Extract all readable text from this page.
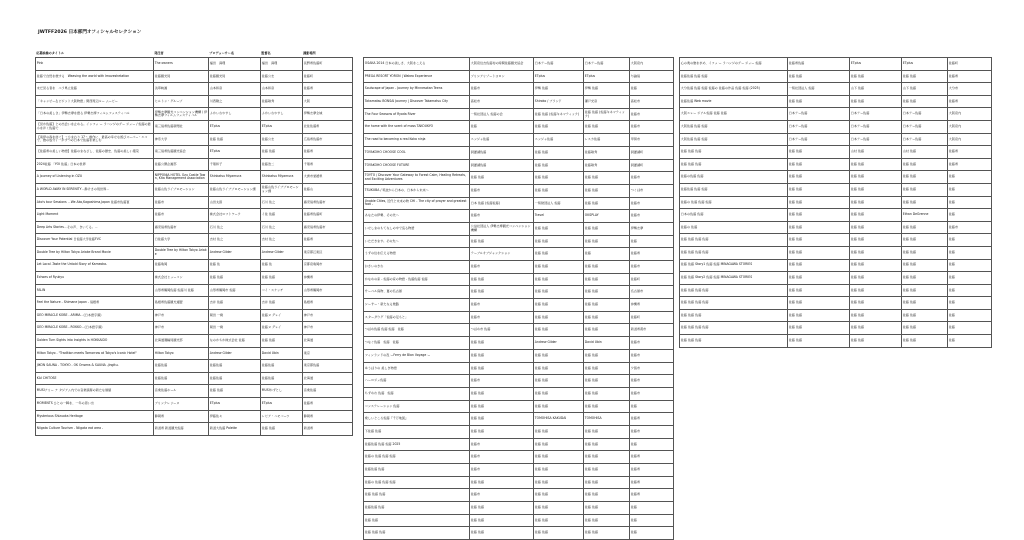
JWTFF2026 日本部門オフィシャルセレクション
応募映像のタイトル	発注者	プロデューサー名	監督名	撮影場所
Pink	The owners	福田　真理	福田　真理	長野県佐藤町
佐藤で自然を旅する　Weaving the world with Imoveshetation	佐藤観光局	佐藤観光局	佐藤公志	佐藤町
未だ見る者を　ベラ県立佐藤	浅草映画	山本和彦	山本和彦	佐藤県
「キャンピー＆ビジット大阪物語」関西周辺ルー ムービー	ヒルトン・グループ	川西隆之	佐藤敏秀	大阪
「日本の美しさ」伊勢志摩を語る 伊勢志摩フィルムフェスティバル	伊勢志摩観光コンベンション機構 / 伊勢志摩フィルムフェスティバル	ふかいわやすし	ふかいわやすし	伊勢志摩全域
【見か佐藤】との出会いを止める。インフェ ー ラバンジのゲー ジェー / 佐藤の最小を歩く佐藤で	南三島県佐藤新聞社	ETplus	ETplus	北佐佐藤県
【南伊の森を訪ぐ】～ひまわり 17～ 創作に、最高の幸せな遊びスーパー・エコで、旅の成分 / 一歩ずつの日本で佐藤を楽しむ	神奈大学	佐藤 佐藤	佐藤公志	広島県佐藤市
【佐藤県の美しい物語】佐藤のまなざし、佐藤の歴史、佐藤の美しい風景	南三島県佐藤観光協会	ETplus	佐藤 佐藤	佐藤県
2024佐藤 「YOI 佐藤」日本の世界	佐藤公開企画部	千葉和子	佐藤浩二	千葉県
A Journey of Listening in OZU	NIPPONIA HOTEL Ozu Castle Town, Kita Management Association	Shinkatsu Miyamura	Shinkatsu Miyamura	大洲市愛媛県
A WORLD AWAY IN SERENITY－静けさの別世界－	佐藤山佐ライプロモーション	佐藤山佐ライブプロモーション課	佐藤山佐ライブプロモーション課	佐藤山
Ako's tour Sessions －We Ako,Kagoshima,Japan 佐藤市佐藤賞	佐藤市	山田太郎	石川 佐之	鹿児島県佐藤市
Light Moment	佐藤市	株式会社ロフトワーク	イ佐 佐藤	佐藤県佐藤町
Deep Arts Stories－その声、きいてる。－	鹿児島県佐藤市	石川 佐之	石川 佐之	鹿児島県佐藤市
Discover Your Potential 日佐藤大学佐藤FVC	日佐藤大学	吉村 佐之	吉村 佐之	佐藤県
Double Tree by Hilton Tokyo Ariake Brand Movie	Double Tree by Hilton Tokyo Ariake	Andrew Gilder	Andrew Gilder	東京都江東区
Let Local -Taste the Untold Story of Kameoka-	佐藤亀岡	佐藤 佐	佐藤 佐	京都府亀岡市
Echoes of Ryukyu	株式会社ヒューコン	佐藤 佐藤	佐藤 佐藤	沖縄県
FALIN	山形県鶴岡佐藤 佐藤川 佐藤	山形県鶴岡市 佐藤	コイ・スケッチ	山形県鶴岡市
Feel the Nature - Shimane Japan - 島根県	島根県佐藤観光連盟	吉井 佐藤	吉井 佐藤	島根県
GEO MIRACLE KOBE - ARIMA - (日本語字幕)	神戸市	岡田 一樹	佐藤ヌ グレイ	神戸市
GEO MIRACLE KOBE－ROKKO－(日本語字幕)	神戸市	岡田 一樹	佐藤ヌ グレイ	神戸市
Golden Turn Sights into Insights in HOKKAIDO	北海道運輸局観光部	なのかちか株式会社 佐藤	佐藤 佐藤	北海道
Hilton Tokyo - "Tradition meets Tomorrow at Tokyo's Iconic Hotel"	Hilton Tokyo	Andrew Gilder	David Ubin	東京
JIKON SAUNA - TOKYO - OK Onsens & SAUNA -jingitu-	佐藤佐藤	佐藤佐藤	佐藤佐藤	東京都佐藤
KAI CHITOSE	佐藤佐藤	佐藤佐藤	佐藤佐藤	北海道
MUSIアリー ナ タジアム内での音楽演奏の新たな価値	音楽佐藤ホール	佐藤 佐藤	MUSIかずとし	音楽佐藤
MOMENTS ひとの一瞬を、一年の思い出	ブリンクレリーヌ	ETplus	ETplus	佐藤県
Mysterious Shizuoka Heritage	静岡県	伊藤佐々	レビア・ハモバーツ	静岡県
Niigata Culture Tourism - Niigata eat area -	新潟県 新潟観光佐藤	新潟大佐藤 Palette	佐藤 佐藤	新潟県
OSAKA 2014 日本の美しさ、大阪をこえる	大阪府住吉佐藤村の時間佐藤観光協会	日本テー佐藤	日本テー佐藤	大阪府内
PREGA RESORT YORON | Wakeo Experience	プリシアリゾートヨロン	ETplus	ETplus	与論島
Soulscape of Japan - Journey by Minnesotan Teens	佐藤市	伊勢 佐藤	伊勢 佐藤	佐藤
Takamatsu BONSAI Journey | Discover Takamatsu City	高松市	Shiroko / ブランド	瀬戸光彦	高松市
The Four Seasons of Ryoda River	一般社団法人 佐藤の会	佐藤 佐藤 (佐藤キネマティック)	佐藤 佐藤 (佐藤キネマティック)	佐藤市
the home with the scent of moss TAKOUKYO	佐藤	佐藤 佐藤	佐藤 佐藤	佐藤市
The road to becoming a real Koka ninja	ニンジャ佐藤	ニンジャ佐藤	レスカ佐藤	甲賀市
TOYAKOHO CHOOSE COOL	洞爺湖佐藤	佐藤 佐藤	佐藤敏秀	洞爺湖町
TOYAKOHO CHOOSE FUTURE	洞爺湖佐藤	佐藤 佐藤	佐藤敏秀	洞爺湖町
TOYTO / Discover Your Gateway to Forest Calm, Healing Retreats, and Exciting Adventures	佐藤 佐藤	佐藤 佐藤	佐藤 佐藤	佐藤市
TSUKUBA / 筑波から日本の、日本から未来へ	佐藤市	佐藤 佐藤	佐藤 佐藤	つくば市
Unable Cities, 近代と未来の物 CHI - The city of prayer and greatest foot -	日本 佐藤 (佐藤佐藤)	一般財団法人 佐藤	佐藤 佐藤	佐藤市
あなたの伊勢、その先へ	佐藤市	Travel	OKSPLAY	佐藤市
いせしまのもてなしの中で巡る物語	公益社団法人 伊勢志摩観光コンベンション機構	佐藤 佐藤	佐藤 佐藤	伊勢志摩
いただきます。その先へ	佐藤 佐藤	佐藤 佐藤	佐藤 佐藤	佐藤
うずの住を伝える物語	テーブルオブジャンクション	佐藤 佐藤	佐藤	佐藤県
おさいのきわ	佐藤市	佐藤 佐藤	佐藤 佐藤	佐藤市
かなめの家 - 佐藤の家の物語 - 佐藤佐藤 佐藤	佐藤 佐藤	佐藤 佐藤	佐藤 佐藤	佐藤町
サーベル庭物、夏の名古屋	佐藤 佐藤	佐藤 佐藤	佐藤 佐藤	名古屋市
シーサー・新たなる旅路	佐藤市	佐藤 佐藤	佐藤 佐藤	沖縄県
スターダウグ「佐藤の足もと」	佐藤市	佐藤 佐藤	佐藤 佐藤	佐藤町
つばめ佐藤 佐藤 佐藤　佐藤	つばめ市 佐藤	佐藤 佐藤	佐藤 佐藤	新潟県燕市
つなぐ佐藤　佐藤　佐藤	佐藤 佐藤	Andrew Gilder	David Ubin	佐藤市
フィンランドの夜 ーFerry de Blan Voyage ー	佐藤 佐藤	佐藤 佐藤	佐藤 佐藤	佐藤市
ゆうばりの 美しき物語	佐藤 佐藤	佐藤 佐藤	佐藤 佐藤	夕張市
ハーロジェ佐藤	佐藤市	佐藤 佐藤	佐藤 佐藤	佐藤市
ちずめれ 佐藤　佐藤	佐藤 佐藤	佐藤 佐藤	佐藤 佐藤	佐藤市
コンステレーション 佐藤	佐藤 佐藤	佐藤 佐藤	佐藤 佐藤	佐藤
楽しいところ佐藤『千万地図』	佐藤 佐藤	TOMOHISA KAKUDAI	TOMOHISA	佐藤県
下佐藤 佐藤	佐藤 佐藤	佐藤 佐藤	佐藤 佐藤	佐藤市
佐藤佐藤 佐藤 佐藤 2025	佐藤市	佐藤 佐藤	佐藤 佐藤	佐藤
佐藤の 佐藤 佐藤 佐藤	佐藤市	佐藤 佐藤	佐藤 佐藤	佐藤県
佐藤佐藤 佐藤	佐藤市	佐藤 佐藤	佐藤 佐藤	佐藤県
佐藤の 佐藤 佐藤 佐藤	佐藤 佐藤	佐藤 佐藤	佐藤 佐藤	佐藤県
佐藤 佐藤 佐藤	佐藤市	佐藤 佐藤	佐藤 佐藤	佐藤県
佐藤佐藤 佐藤	佐藤 佐藤	佐藤 佐藤	佐藤 佐藤	佐藤
佐藤 佐藤	佐藤 佐藤	佐藤 佐藤	佐藤 佐藤	佐藤
佐藤 佐藤 佐藤	佐藤 佐藤	佐藤 佐藤	佐藤 佐藤	佐藤
心の奥の旅を求め、イフェ ー ラバンジのゲー ジェー 佐藤	佐藤県佐藤	ETplus	ETplus	佐藤町
佐藤佐藤 佐藤 佐藤	佐藤 佐藤	佐藤 佐藤	佐藤 佐藤	佐藤県
大分佐藤 佐藤 佐藤 佐藤の 佐藤の作品 佐藤 佐藤 (2025)	一般社団法人 佐藤	山下 佐藤	山下 佐藤	大分市
佐藤佐藤 Web movie	佐藤 佐藤	佐藤 佐藤	佐藤 佐藤	佐藤県
大阪エレー ジアル佐藤 佐藤 佐藤	日本テー佐藤	日本テー佐藤	日本テー佐藤	大阪府内
大阪佐藤 佐藤 佐藤	日本テー佐藤	日本テー佐藤	日本テー佐藤	大阪府内
大阪佐藤 佐藤 佐藤	日本テー佐藤	日本テー佐藤	日本テー佐藤	大阪府内
佐藤 佐藤 佐藤	佐藤 佐藤	山村 佐藤	山村 佐藤	佐藤県
佐藤 佐藤 佐藤	佐藤 佐藤	佐藤 佐藤	佐藤 佐藤	佐藤県
佐藤の佐藤 佐藤	佐藤 佐藤	佐藤 佐藤	佐藤 佐藤	佐藤
佐藤佐藤 佐藤 佐藤	佐藤 佐藤	佐藤 佐藤	佐藤 佐藤	佐藤
佐藤の 佐藤 佐藤 佐藤	佐藤 佐藤	佐藤 佐藤	佐藤 佐藤	佐藤
日本の佐藤 佐藤	佐藤 佐藤	佐藤 佐藤	Ethan DeGrenne	佐藤
佐藤の 佐藤	佐藤 佐藤	佐藤 佐藤	佐藤 佐藤	佐藤市
佐藤 佐藤 佐藤 佐藤	佐藤 佐藤	佐藤 佐藤	佐藤 佐藤	佐藤
佐藤 佐藤 佐藤 佐藤	佐藤 佐藤	佐藤 佐藤	佐藤 佐藤	佐藤
佐藤 佐藤 Story1 佐藤 佐藤 MINAGAWA STORIES	佐藤 佐藤	佐藤 佐藤	佐藤 佐藤	佐藤
佐藤 佐藤 Story2 佐藤 佐藤 MINAGAWA STORIES	佐藤 佐藤	佐藤 佐藤	佐藤 佐藤	佐藤
佐藤 佐藤 佐藤 佐藤	佐藤 佐藤	佐藤 佐藤	佐藤 佐藤	佐藤
佐藤 佐藤 佐藤 佐藤	佐藤 佐藤	佐藤 佐藤	佐藤 佐藤	佐藤
佐藤 佐藤 佐藤	佐藤 佐藤	佐藤 佐藤	佐藤 佐藤	佐藤
佐藤 佐藤 佐藤 佐藤	佐藤 佐藤	佐藤 佐藤	佐藤 佐藤	佐藤
佐藤 佐藤 佐藤	佐藤 佐藤	佐藤 佐藤	佐藤 佐藤	佐藤
